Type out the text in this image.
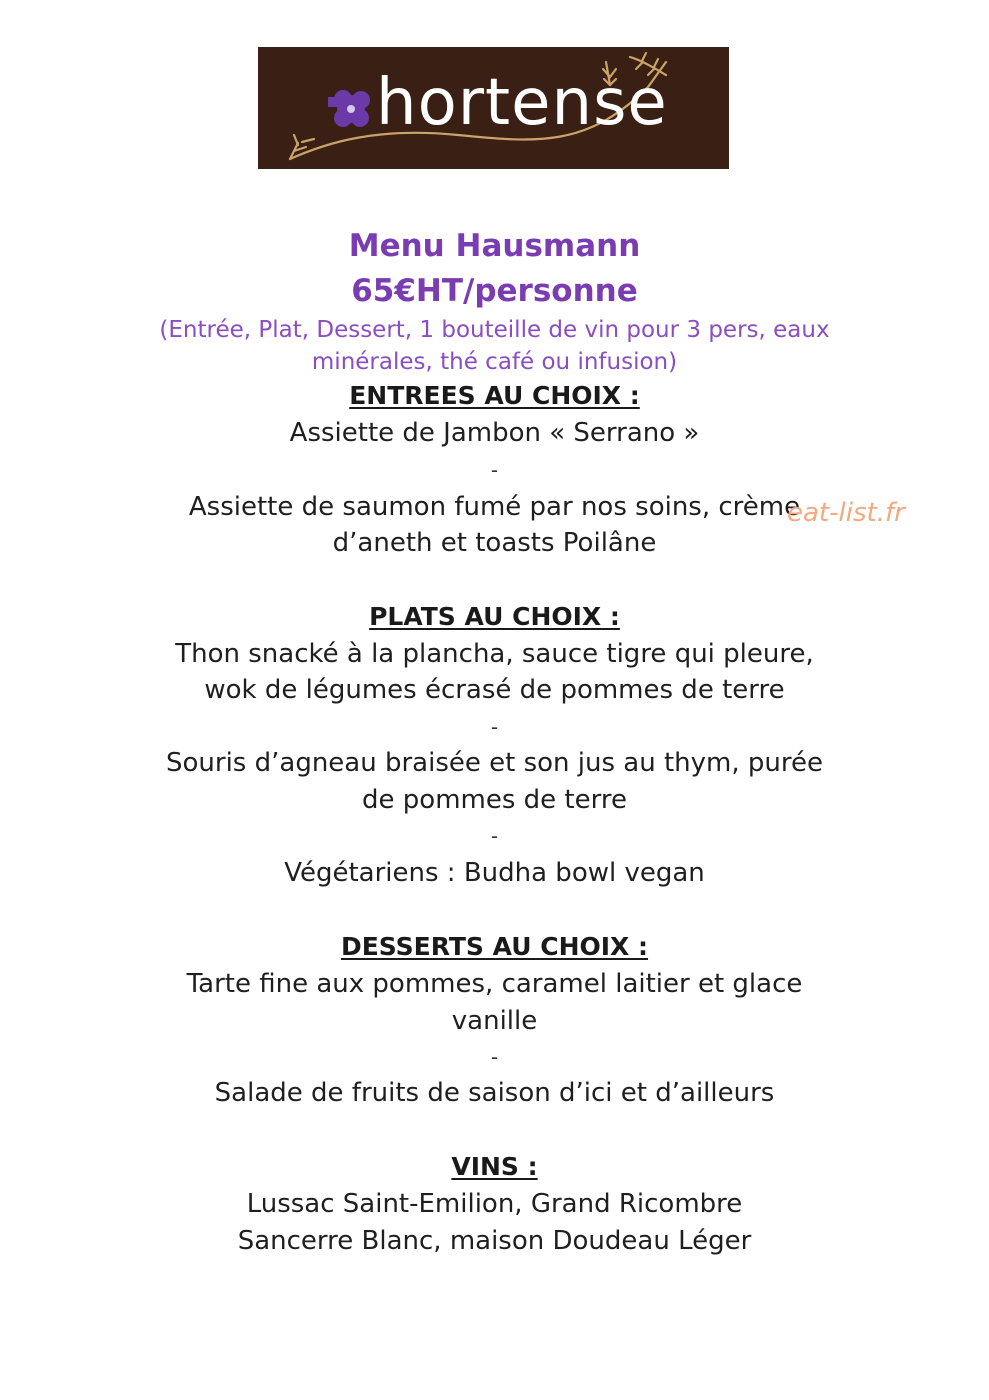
hortense
Menu Hausmann
65€HT/personne
(Entrée, Plat, Dessert, 1 bouteille de vin pour 3 pers, eaux
minérales, thé café ou infusion)
ENTREES AU CHOIX :
Assiette de Jambon « Serrano »
-
Assiette de saumon fumé par nos soins, crème
d’aneth et toasts Poilâne
PLATS AU CHOIX :
Thon snacké à la plancha, sauce tigre qui pleure,
wok de légumes écrasé de pommes de terre
-
Souris d’agneau braisée et son jus au thym, purée
de pommes de terre
-
Végétariens : Budha bowl vegan
DESSERTS AU CHOIX :
Tarte fine aux pommes, caramel laitier et glace
vanille
-
Salade de fruits de saison d’ici et d’ailleurs
VINS :
Lussac Saint-Emilion, Grand Ricombre
Sancerre Blanc, maison Doudeau Léger
eat-list.fr
